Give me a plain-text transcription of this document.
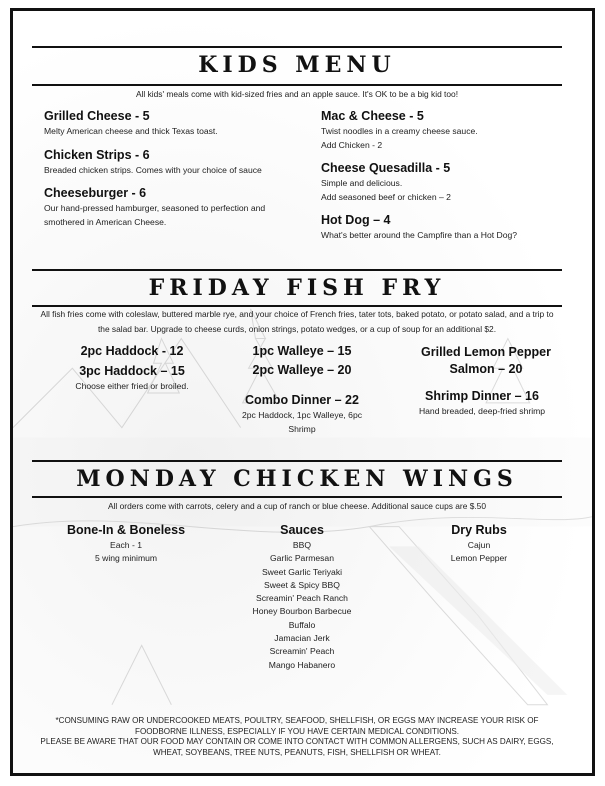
KIDS MENU
All kids' meals come with kid-sized fries and an apple sauce. It's OK to be a big kid too!
Grilled Cheese - 5
Melty American cheese and thick Texas toast.
Chicken Strips - 6
Breaded chicken strips. Comes with your choice of sauce
Cheeseburger - 6
Our hand-pressed hamburger, seasoned to perfection and smothered in American Cheese.
Mac & Cheese - 5
Twist noodles in a creamy cheese sauce.
Add Chicken - 2
Cheese Quesadilla - 5
Simple and delicious.
Add seasoned beef or chicken – 2
Hot Dog – 4
What's better around the Campfire than a Hot Dog?
FRIDAY FISH FRY
All fish fries come with coleslaw, buttered marble rye, and your choice of French fries, tater tots, baked potato, or potato salad, and a trip to the salad bar. Upgrade to cheese curds, onion strings, potato wedges, or a cup of soup for an additional $2.
2pc Haddock - 12
3pc Haddock – 15
Choose either fried or broiled.
1pc Walleye – 15
2pc Walleye – 20
Combo Dinner – 22
2pc Haddock, 1pc Walleye, 6pc Shrimp
Grilled Lemon Pepper Salmon – 20
Shrimp Dinner – 16
Hand breaded, deep-fried shrimp
MONDAY CHICKEN WINGS
All orders come with carrots, celery and a cup of ranch or blue cheese. Additional sauce cups are $.50
Bone-In & Boneless
Each - 1
5 wing minimum
Sauces
BBQ
Garlic Parmesan
Sweet Garlic Teriyaki
Sweet & Spicy BBQ
Screamin' Peach Ranch
Honey Bourbon Barbecue
Buffalo
Jamacian Jerk
Screamin' Peach
Mango Habanero
Dry Rubs
Cajun
Lemon Pepper

*CONSUMING RAW OR UNDERCOOKED MEATS, POULTRY, SEAFOOD, SHELLFISH, OR EGGS MAY INCREASE YOUR RISK OF FOODBORNE ILLNESS, ESPECIALLY IF YOU HAVE CERTAIN MEDICAL CONDITIONS.

PLEASE BE AWARE THAT OUR FOOD MAY CONTAIN OR COME INTO CONTACT WITH COMMON ALLERGENS, SUCH AS DAIRY, EGGS, WHEAT, SOYBEANS, TREE NUTS, PEANUTS, FISH, SHELLFISH OR WHEAT.
